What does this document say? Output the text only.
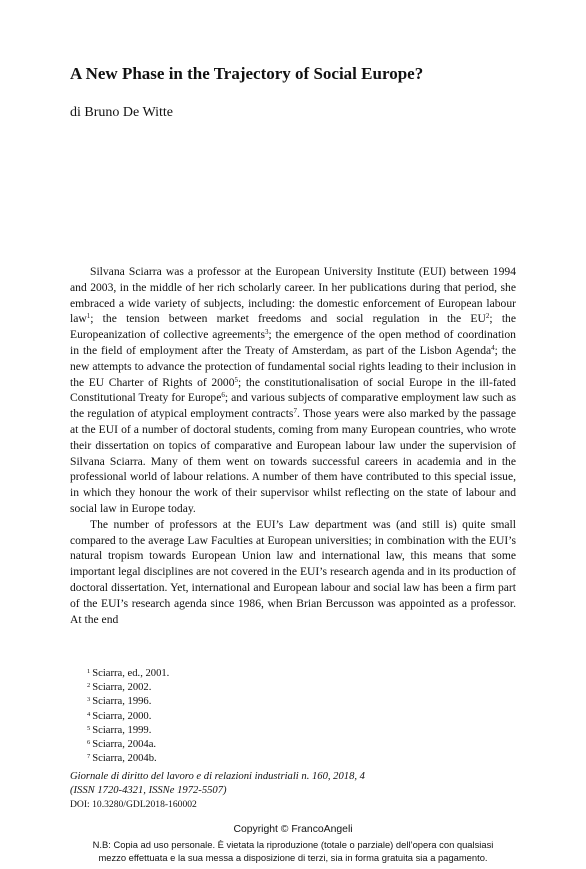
A New Phase in the Trajectory of Social Europe?
di Bruno De Witte

Silvana Sciarra was a professor at the European University Institute (EUI) between 1994 and 2003, in the middle of her rich scholarly career. In her publications during that period, she embraced a wide variety of subjects, including: the domestic enforcement of European labour law$^1$; the tension between market freedoms and social regulation in the $EU^2$; the Europeanization of collective agreements$^3$; the emergence of the open method of coordination in the field of employment after the Treaty of Amsterdam, as part of the Lisbon Agenda$^4$; the new attempts to advance the protection of fundamental social rights leading to their inclusion in the EU Charter of Rights of 2000$^5$; the constitutionalisation of social Europe in the ill-fated Constitutional Treaty for Europe$^6$; and various subjects of comparative employment law such as the regulation of atypical employment contracts$^7$. Those years were also marked by the passage at the EUI of a number of doctoral students, coming from many European countries, who wrote their dissertation on topics of comparative and European labour law under the supervision of Silvana Sciarra. Many of them went on towards successful careers in academia and in the professional world of labour relations. A number of them have contributed to this special issue, in which they honour the work of their supervisor whilst reflecting on the state of labour and social law in Europe today.

The number of professors at the EUI’s Law department was (and still is) quite small compared to the average Law Faculties at European universities; in combination with the EUI’s natural tropism towards European Union law and international law, this means that some important legal disciplines are not covered in the EUI’s research agenda and in its production of doctoral dissertation. Yet, international and European labour and social law has been a firm part of the EUI’s research agenda since 1986, when Brian Bercusson was appointed as a professor. At the end

$^1$ Sciarra, ed., 2001.
$^2$ Sciarra, 2002.
$^3$ Sciarra, 1996.
$^4$ Sciarra, 2000.
$^5$ Sciarra, 1999.
$^6$ Sciarra, 2004a.
$^7$ Sciarra, 2004b.
Giornale di diritto del lavoro e di relazioni industriali n. 160, 2018, 4
(ISSN 1720-4321, ISSNe 1972-5507)
DOI: 10.3280/GDL2018-160002
Copyright © FrancoAngeli
N.B: Copia ad uso personale. È vietata la riproduzione (totale o parziale) dell’opera con qualsiasi
mezzo effettuata e la sua messa a disposizione di terzi, sia in forma gratuita sia a pagamento.
